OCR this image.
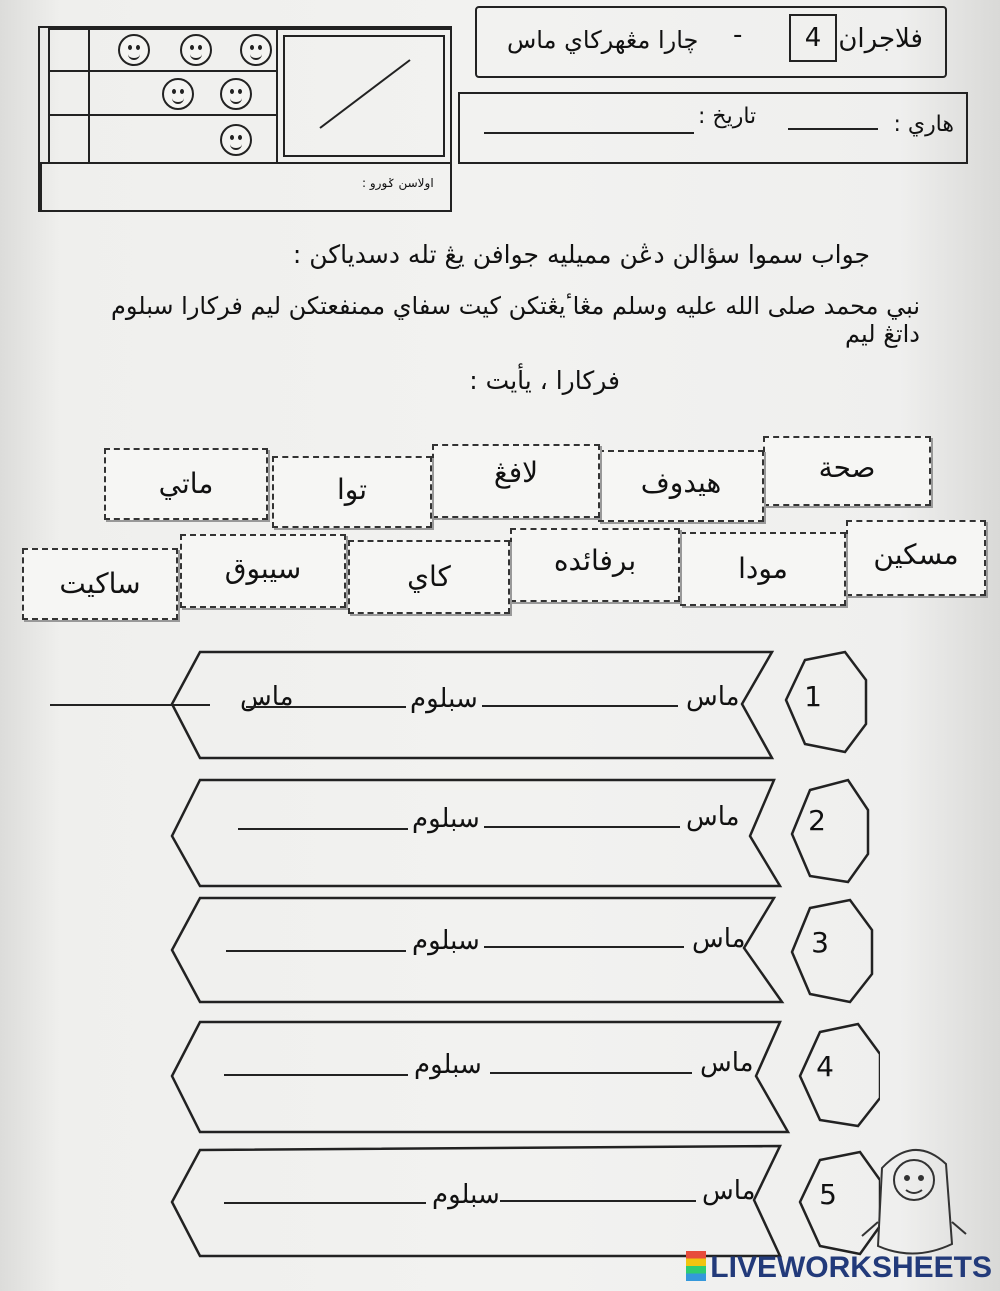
اولاسن ݢورو :
فلاجران
4
-
چارا مڠهركاي ماس
هاري :
تاريخ :
جواب سموا سؤالن دڠن مميليه جوافن يڠ تله دسدياكن :
نبي محمد صلى الله عليه وسلم مڠاٴيڠتكن كيت سفاي ممنفعتكن ليم فركارا سبلوم داتڠ ليم
فركارا ، يأيت :
صحة
هيدوف
لافڠ
توا
ماتي
مسكين
مودا
برفائده
كاي
سيبوق
ساكيت
1
ماس	ماس
سبلوم
2
ماس
سبلوم
3
ماس
سبلوم
4
ماس
سبلوم
5
ماس
سبلوم
LIVEWORKSHEETS
